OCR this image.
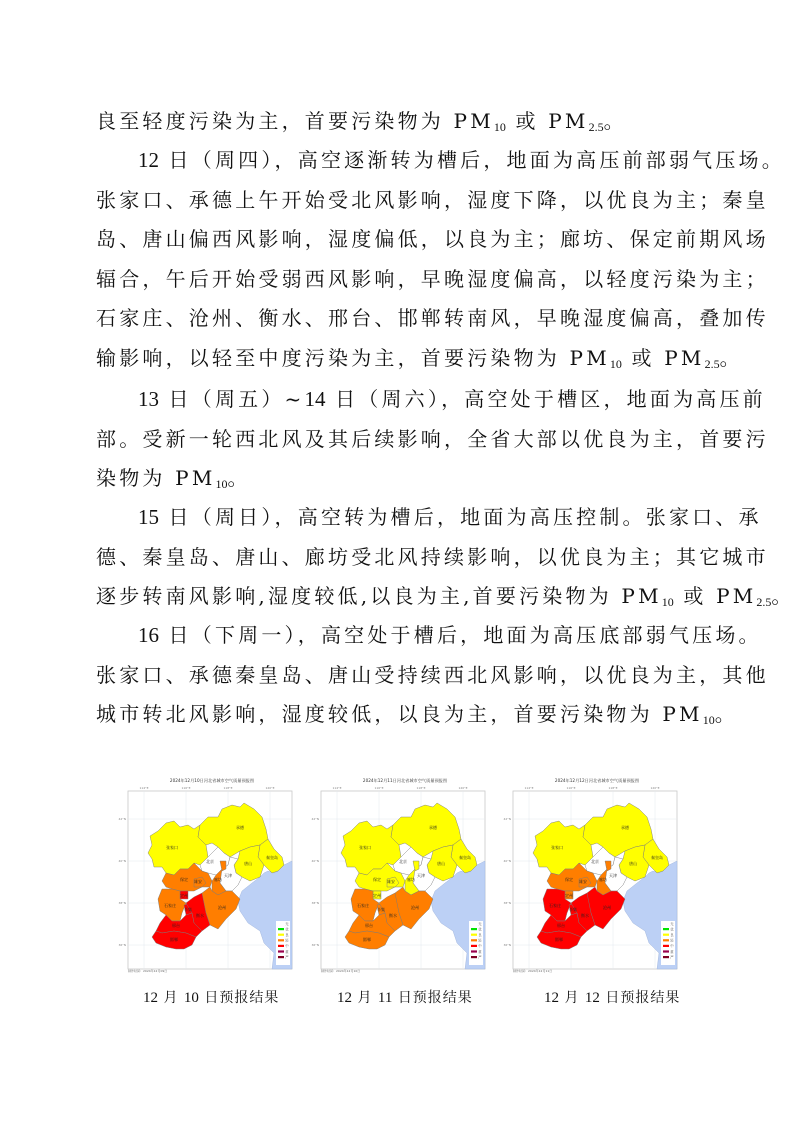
良至轻度污染为主，首要污染物为 $PM_{10}$ 或 $PM_{2.5}$。
12 日（周四），高空逐渐转为槽后，地面为高压前部弱气压场。
张家口、承德上午开始受北风影响，湿度下降，以优良为主；秦皇
岛、唐山偏西风影响，湿度偏低，以良为主；廊坊、保定前期风场
辐合，午后开始受弱西风影响，早晚湿度偏高，以轻度污染为主；
石家庄、沧州、衡水、邢台、邯郸转南风，早晚湿度偏高，叠加传
输影响，以轻至中度污染为主，首要污染物为 $PM_{10}$ 或 $PM_{2.5}$。
13 日（周五）~14 日（周六），高空处于槽区，地面为高压前
部。受新一轮西北风及其后续影响，全省大部以优良为主，首要污
染物为 $PM_{10}$。
15 日（周日），高空转为槽后，地面为高压控制。张家口、承
德、秦皇岛、唐山、廊坊受北风持续影响，以优良为主；其它城市
逐步转南风影响,湿度较低,以良为主,首要污染物为 $PM_{10}$ 或 $PM_{2.5}$。
16 日（下周一），高空处于槽后，地面为高压底部弱气压场。
张家口、承德秦皇岛、唐山受持续西北风影响，以优良为主，其他
城市转北风影响，湿度较低，以良为主，首要污染物为 $PM_{10}$。
2024年12月10日河北省城市空气质量预报图
114°E	116°E	118°E	120°E
42°N
40°N
38°N
36°N
张家口
承德
秦皇岛
唐山
北京
天津
廊坊
保定 雄安
定州
沧州
石家庄
辛集
衡水
邢台
邯郸
无
优
良
轻
中
重
严
制作时间：2024年12月09日
2024年12月11日河北省城市空气质量预报图
114°E	116°E	118°E	120°E
42°N
40°N
38°N
36°N
张家口
承德
秦皇岛
唐山
北京
天津
廊坊
保定 雄安
定州
沧州
石家庄
辛集
衡水
邢台
邯郸
无
优
良
轻
中
重
严
制作时间：2024年12月10日
2024年12月12日河北省城市空气质量预报图
114°E	116°E	118°E	120°E
42°N
40°N
38°N
36°N
张家口
承德
秦皇岛
唐山
北京
天津
廊坊
保定 雄安
定州
沧州
石家庄
辛集
衡水
邢台
邯郸
无
优
良
轻
中
重
严
制作时间：2024年12月11日
12 月 10 日预报结果	12 月 11 日预报结果	12 月 12 日预报结果
